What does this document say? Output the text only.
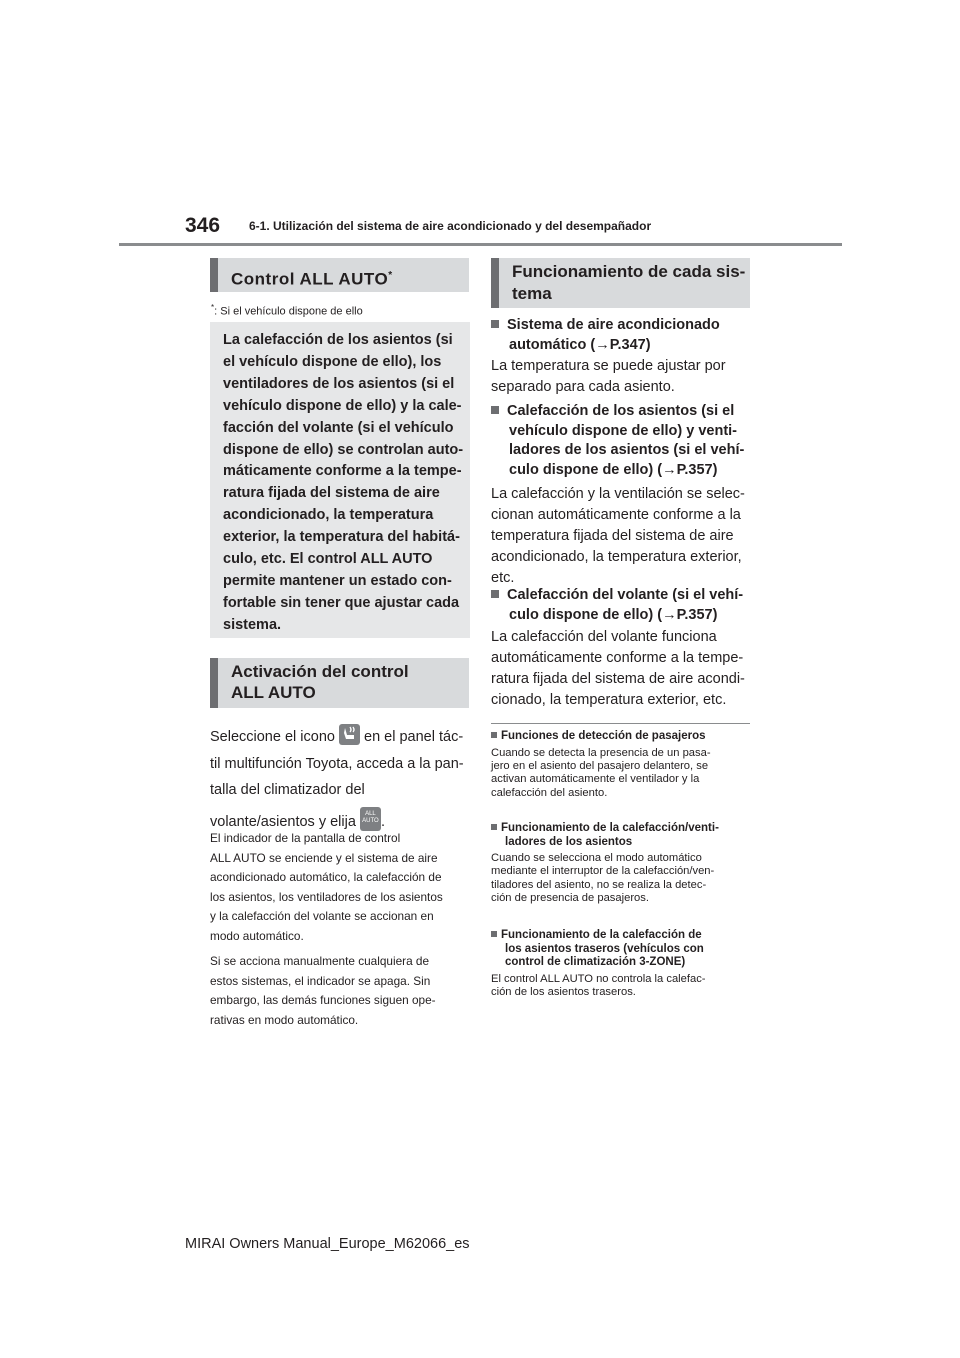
346 6-1. Utilización del sistema de aire acondicionado y del desempañador
Control ALL AUTO*
*: Si el vehículo dispone de ello

La calefacción de los asientos (si

el vehículo dispone de ello), los

ventiladores de los asientos (si el

vehículo dispone de ello) y la cale-

facción del volante (si el vehículo

dispone de ello) se controlan auto-

máticamente conforme a la tempe-

ratura fijada del sistema de aire

acondicionado, la temperatura

exterior, la temperatura del habitá-

culo, etc. El control ALL AUTO

permite mantener un estado con-

fortable sin tener que ajustar cada

sistema.

Activación del control
ALL AUTO
Seleccione el icono en el panel tác-
til multifunción Toyota, acceda a la pan-
talla del climatizador del
volante/asientos y elija	ALL AUTO .
El indicador de la pantalla de control
ALL AUTO se enciende y el sistema de aire
acondicionado automático, la calefacción de
los asientos, los ventiladores de los asientos
y la calefacción del volante se accionan en
modo automático.
Si se acciona manualmente cualquiera de
estos sistemas, el indicador se apaga. Sin
embargo, las demás funciones siguen ope-
rativas en modo automático.
Funcionamiento de cada sis-
tema
Sistema de aire acondicionado
automático (→P.347)
La temperatura se puede ajustar por
separado para cada asiento.
Calefacción de los asientos (si el
vehículo dispone de ello) y venti-
ladores de los asientos (si el vehí-
culo dispone de ello) (→P.357)
La calefacción y la ventilación se selec-
cionan automáticamente conforme a la
temperatura fijada del sistema de aire
acondicionado, la temperatura exterior,
etc.
Calefacción del volante (si el vehí-
culo dispone de ello) (→P.357)
La calefacción del volante funciona
automáticamente conforme a la tempe-
ratura fijada del sistema de aire acondi-
cionado, la temperatura exterior, etc.
Funciones de detección de pasajeros
Cuando se detecta la presencia de un pasa-
jero en el asiento del pasajero delantero, se
activan automáticamente el ventilador y la
calefacción del asiento.
Funcionamiento de la calefacción/venti-
ladores de los asientos
Cuando se selecciona el modo automático
mediante el interruptor de la calefacción/ven-
tiladores del asiento, no se realiza la detec-
ción de presencia de pasajeros.
Funcionamiento de la calefacción de
los asientos traseros (vehículos con
control de climatización 3-ZONE)
El control ALL AUTO no controla la calefac-
ción de los asientos traseros.
MIRAI Owners Manual_Europe_M62066_es
